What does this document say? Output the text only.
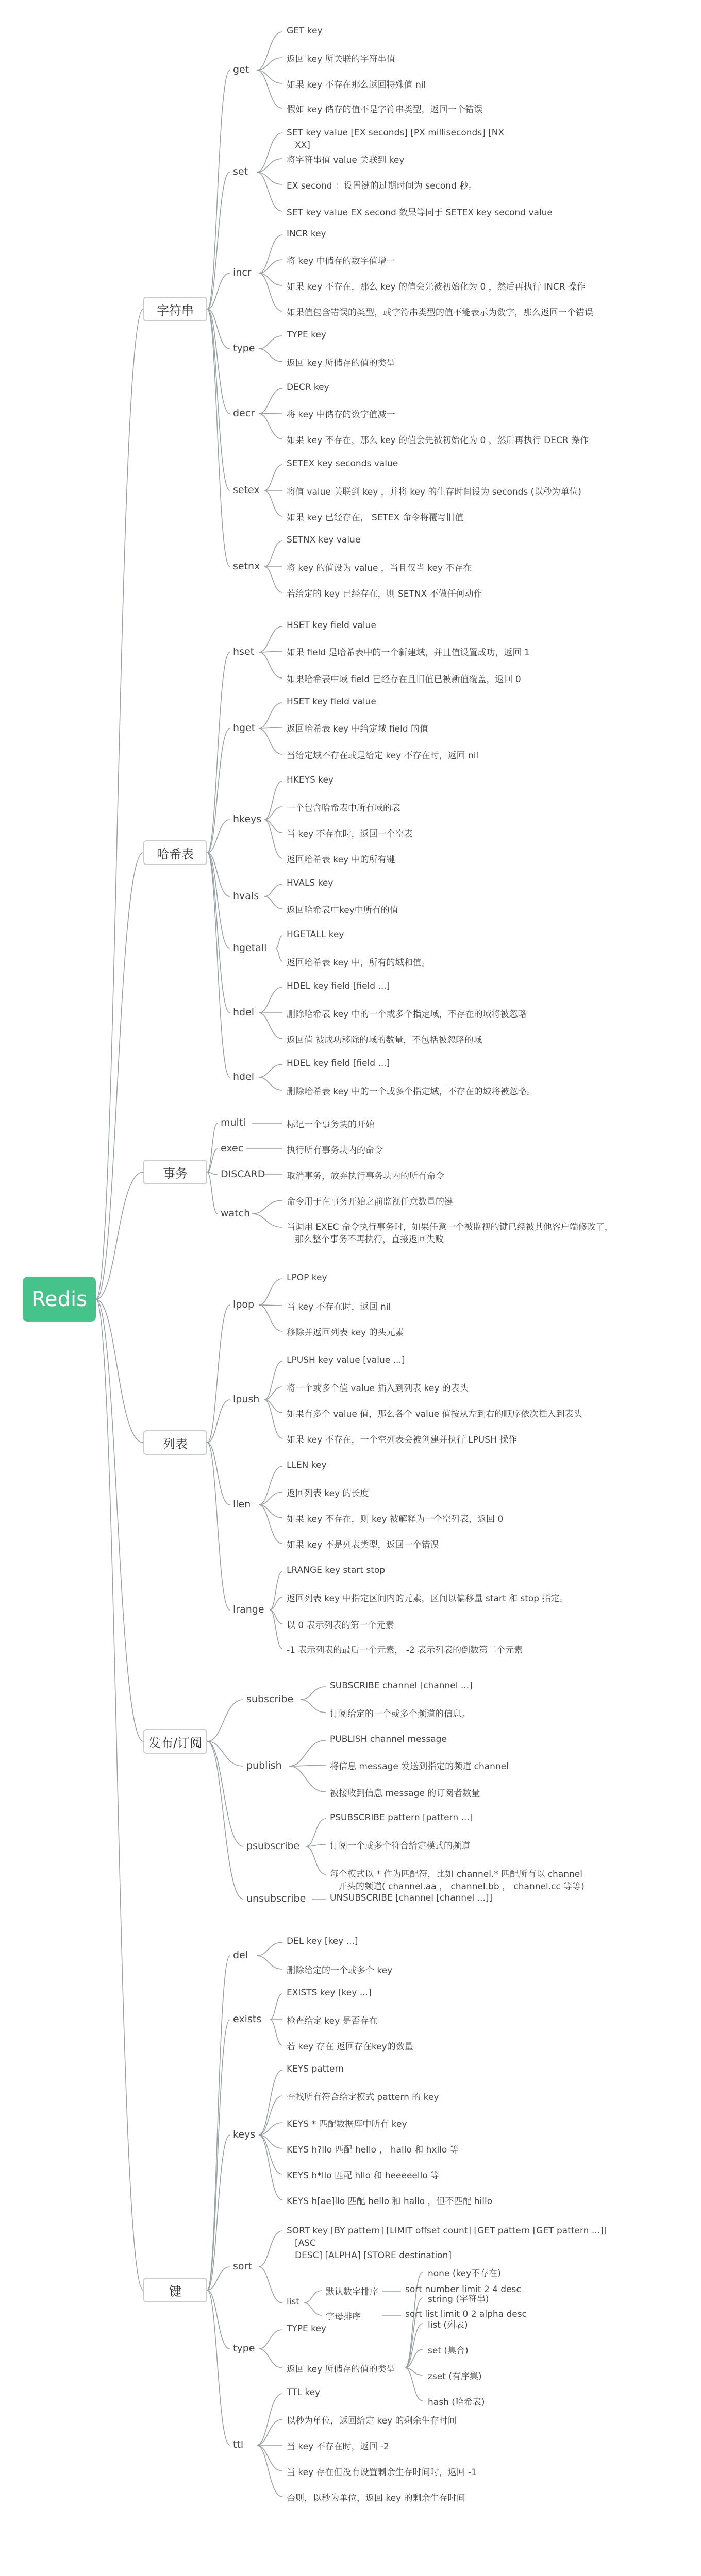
Redis
字符串
get
GET key
返回 key 所关联的字符串值
如果 key 不存在那么返回特殊值 nil
假如 key 储存的值不是字符串类型，返回一个错误
set
SET key value [EX seconds] [PX milliseconds] [NX
XX]
将字符串值 value 关联到 key
EX second ：设置键的过期时间为 second 秒。
SET key value EX second 效果等同于 SETEX key second value
incr
INCR key
将 key 中储存的数字值增一
如果 key 不存在，那么 key 的值会先被初始化为 0 ，然后再执行 INCR 操作
如果值包含错误的类型，或字符串类型的值不能表示为数字，那么返回一个错误
type
TYPE key
返回 key 所储存的值的类型
decr
DECR key
将 key 中储存的数字值减一
如果 key 不存在，那么 key 的值会先被初始化为 0 ，然后再执行 DECR 操作
setex
SETEX key seconds value
将值 value 关联到 key ，并将 key 的生存时间设为 seconds (以秒为单位)
如果 key 已经存在， SETEX 命令将覆写旧值
setnx
SETNX key value
将 key 的值设为 value ，当且仅当 key 不存在
若给定的 key 已经存在，则 SETNX 不做任何动作
哈希表
hset
HSET key field value
如果 field 是哈希表中的一个新建域，并且值设置成功，返回 1
如果哈希表中域 field 已经存在且旧值已被新值覆盖，返回 0
hget
HSET key field value
返回哈希表 key 中给定域 field 的值
当给定域不存在或是给定 key 不存在时，返回 nil
hkeys
HKEYS key
一个包含哈希表中所有域的表
当 key 不存在时，返回一个空表
返回哈希表 key 中的所有键
hvals
HVALS key
返回哈希表中key中所有的值
hgetall
HGETALL key
返回哈希表 key 中，所有的域和值。
hdel
HDEL key field [field ...]
删除哈希表 key 中的一个或多个指定域，不存在的域将被忽略
返回值 被成功移除的域的数量，不包括被忽略的域
hdel
HDEL key field [field ...]
删除哈希表 key 中的一个或多个指定域，不存在的域将被忽略。
事务
multi	标记一个事务块的开始
exec	执行所有事务块内的命令
DISCARD 取消事务，放弃执行事务块内的所有命令
watch
命令用于在事务开始之前监视任意数量的键
当调用 EXEC 命令执行事务时，如果任意一个被监视的键已经被其他客户端修改了，
那么整个事务不再执行，直接返回失败
列表
lpop
LPOP key
当 key 不存在时，返回 nil
移除并返回列表 key 的头元素
lpush
LPUSH key value [value ...]
将一个或多个值 value 插入到列表 key 的表头
如果有多个 value 值，那么各个 value 值按从左到右的顺序依次插入到表头
如果 key 不存在，一个空列表会被创建并执行 LPUSH 操作
llen
LLEN key
返回列表 key 的长度
如果 key 不存在，则 key 被解释为一个空列表，返回 0
如果 key 不是列表类型，返回一个错误
lrange
LRANGE key start stop
返回列表 key 中指定区间内的元素，区间以偏移量 start 和 stop 指定。
以 0 表示列表的第一个元素
-1 表示列表的最后一个元素， -2 表示列表的倒数第二个元素
发布/订阅
subscribe
SUBSCRIBE channel [channel ...]
订阅给定的一个或多个频道的信息。
publish
PUBLISH channel message
将信息 message 发送到指定的频道 channel
被接收到信息 message 的订阅者数量
psubscribe
PSUBSCRIBE pattern [pattern ...]
订阅一个或多个符合给定模式的频道
每个模式以 * 作为匹配符，比如 channel.* 匹配所有以 channel
开头的频道( channel.aa ， channel.bb ， channel.cc 等等)
unsubscribe	UNSUBSCRIBE [channel [channel ...]]
键
del
DEL key [key ...]
删除给定的一个或多个 key
exists
EXISTS key [key ...]
检查给定 key 是否存在
若 key 存在 返回存在key的数量
keys
KEYS pattern
查找所有符合给定模式 pattern 的 key
KEYS * 匹配数据库中所有 key
KEYS h?llo 匹配 hello ， hallo 和 hxllo 等
KEYS h*llo 匹配 hllo 和 heeeeello 等
KEYS h[ae]llo 匹配 hello 和 hallo ，但不匹配 hillo
sort
SORT key [BY pattern] [LIMIT offset count] [GET pattern [GET pattern ...]]
[ASC
DESC] [ALPHA] [STORE destination]
list
默认数字排序	sort number limit 2 4 desc
字母排序	sort list limit 0 2 alpha desc
type
TYPE key
返回 key 所储存的值的类型
none (key不存在)
string (字符串)
list (列表)
set (集合)
zset (有序集)
hash (哈希表)
ttl
TTL key
以秒为单位，返回给定 key 的剩余生存时间
当 key 不存在时，返回 -2
当 key 存在但没有设置剩余生存时间时，返回 -1
否则，以秒为单位，返回 key 的剩余生存时间
